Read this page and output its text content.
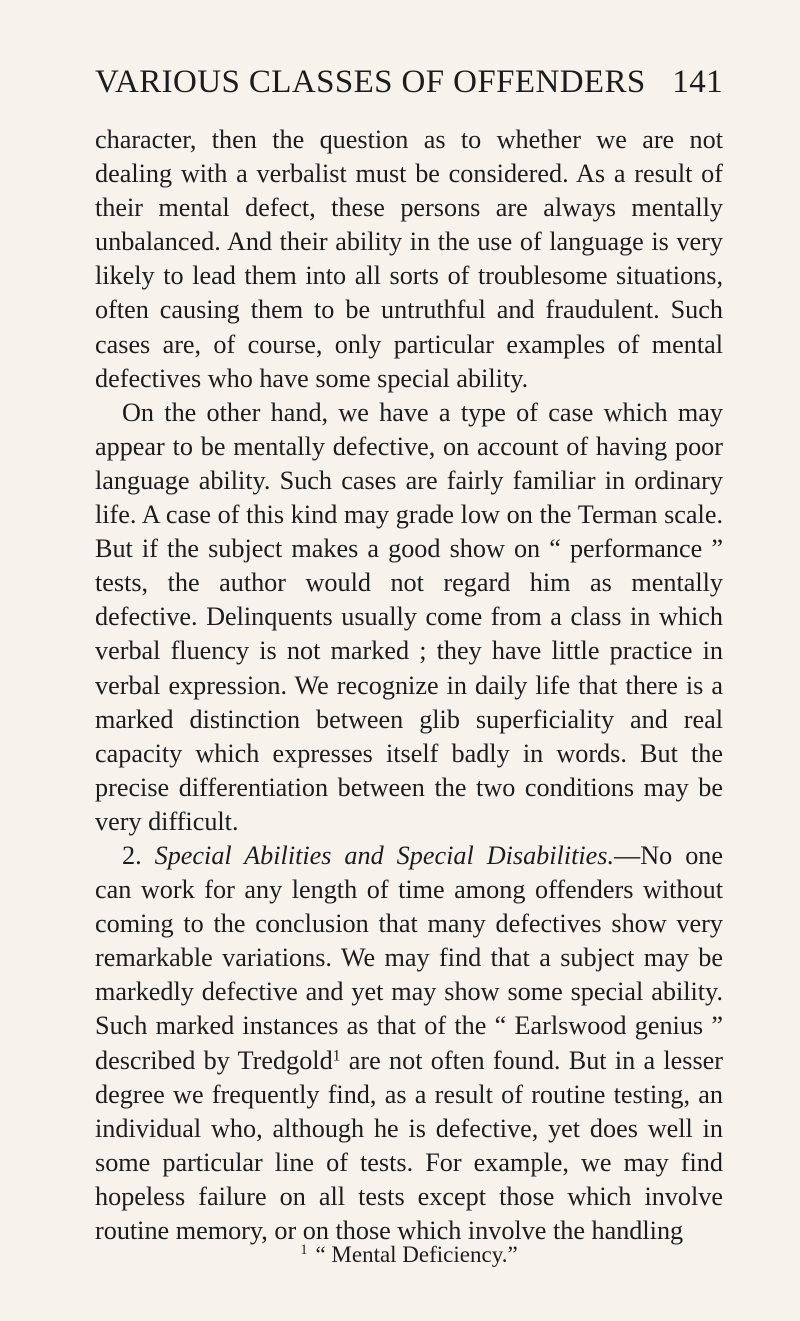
VARIOUS CLASSES OF OFFENDERS 141

character, then the question as to whether we are not dealing with a verbalist must be considered. As a result of their mental defect, these persons are always mentally unbalanced. And their ability in the use of language is very likely to lead them into all sorts of troublesome situations, often causing them to be untruthful and fraudulent. Such cases are, of course, only particular examples of mental defectives who have some special ability.

On the other hand, we have a type of case which may appear to be mentally defective, on account of having poor language ability. Such cases are fairly familiar in ordinary life. A case of this kind may grade low on the Terman scale. But if the subject makes a good show on “ performance ” tests, the author would not regard him as mentally defective. Delinquents usually come from a class in which verbal fluency is not marked ; they have little practice in verbal expression. We recognize in daily life that there is a marked distinction between glib superficiality and real capacity which expresses itself badly in words. But the precise differentiation between the two conditions may be very difficult.

2. Special Abilities and Special Disabilities.—No one can work for any length of time among offenders without coming to the conclusion that many defectives show very remarkable variations. We may find that a subject may be markedly defective and yet may show some special ability. Such marked instances as that of the “ Earlswood genius ” described by Tredgold$^1$ are not often found. But in a lesser degree we frequently find, as a result of routine testing, an individual who, although he is defective, yet does well in some particular line of tests. For example, we may find hopeless failure on all tests except those which involve routine memory, or on those which involve the handling

$^1$ “ Mental Deficiency.”
